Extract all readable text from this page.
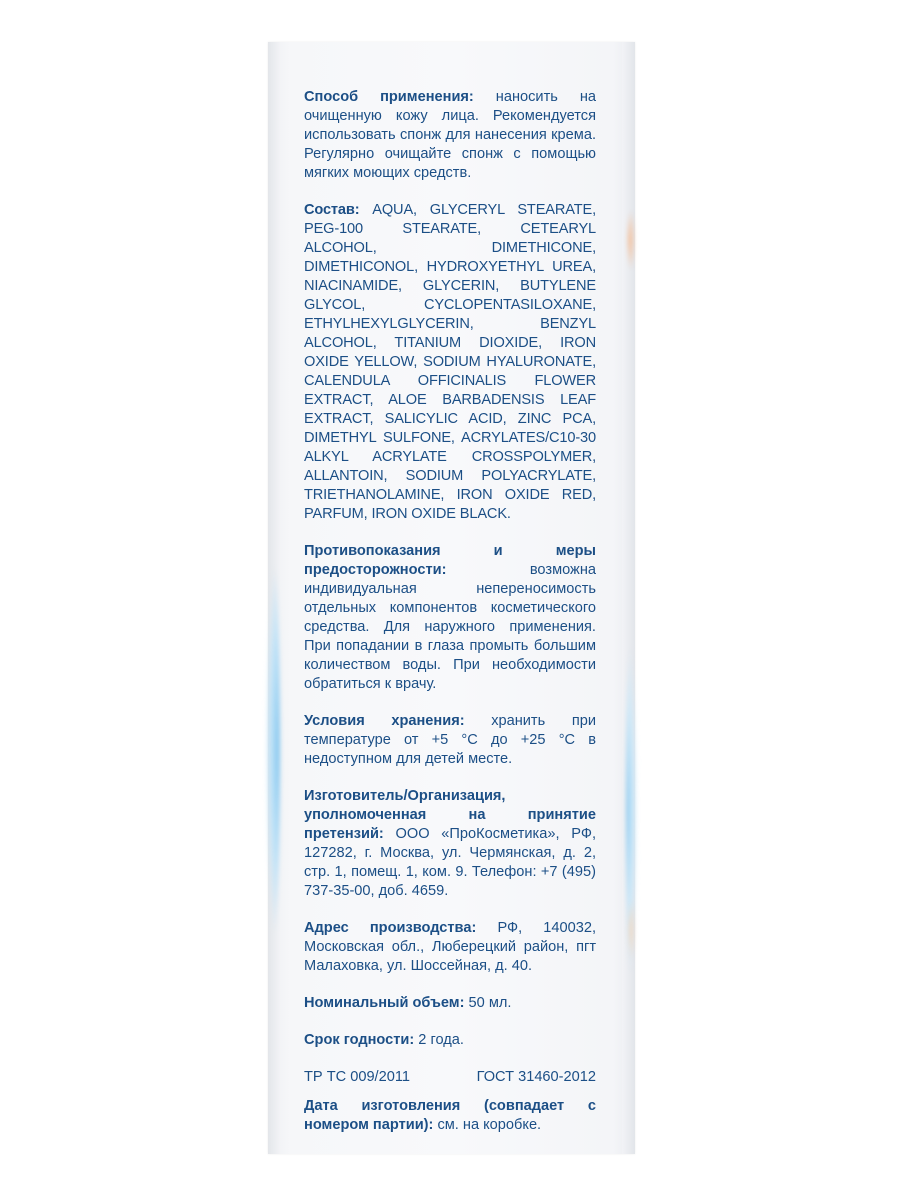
Способ применения: наносить на очищенную кожу лица. Рекомендуется использовать спонж для нанесения крема. Регулярно очищайте спонж с помощью мягких моющих средств.

Состав: AQUA, GLYCERYL STEARATE, PEG-100 STEARATE, CETEARYL ALCOHOL, DIMETHICONE, DIMETHICONOL, HYDROXYETHYL UREA, NIACINAMIDE, GLYCERIN, BUTYLENE GLYCOL, CYCLOPENTASILOXANE, ETHYLHEXYLGLYCERIN, BENZYL ALCOHOL, TITANIUM DIOXIDE, IRON OXIDE YELLOW, SODIUM HYALURONATE, CALENDULA OFFICINALIS FLOWER EXTRACT, ALOE BARBADENSIS LEAF EXTRACT, SALICYLIC ACID, ZINC PCA, DIMETHYL SULFONE, ACRYLATES/C10-30 ALKYL ACRYLATE CROSSPOLYMER, ALLANTOIN, SODIUM POLYACRYLATE, TRIETHANOLAMINE, IRON OXIDE RED, PARFUM, IRON OXIDE BLACK.

Противопоказания и меры предосторожности:	возможна индивидуальная непереносимость отдельных компонентов косметического средства. Для наружного применения. При попадании в глаза промыть большим количеством воды. При необходимости обратиться к врачу.

Условия хранения: хранить при температуре от +5 °С до +25 °С в недоступном для детей месте.

Изготовитель/Организация, уполномоченная на принятие претензий: ООО «ПроКосметика», РФ, 127282, г. Москва, ул. Чермянская, д. 2, стр. 1, помещ. 1, ком. 9. Телефон: +7 (495) 737-35-00, доб. 4659.

Адрес производства: РФ, 140032, Московская обл., Люберецкий район, пгт Малаховка, ул. Шоссейная, д. 40.

Номинальный объем: 50 мл.

Срок годности: 2 года.

ТР ТС 009/2011	ГОСТ 31460-2012

Дата изготовления (совпадает с номером партии): см. на коробке.
